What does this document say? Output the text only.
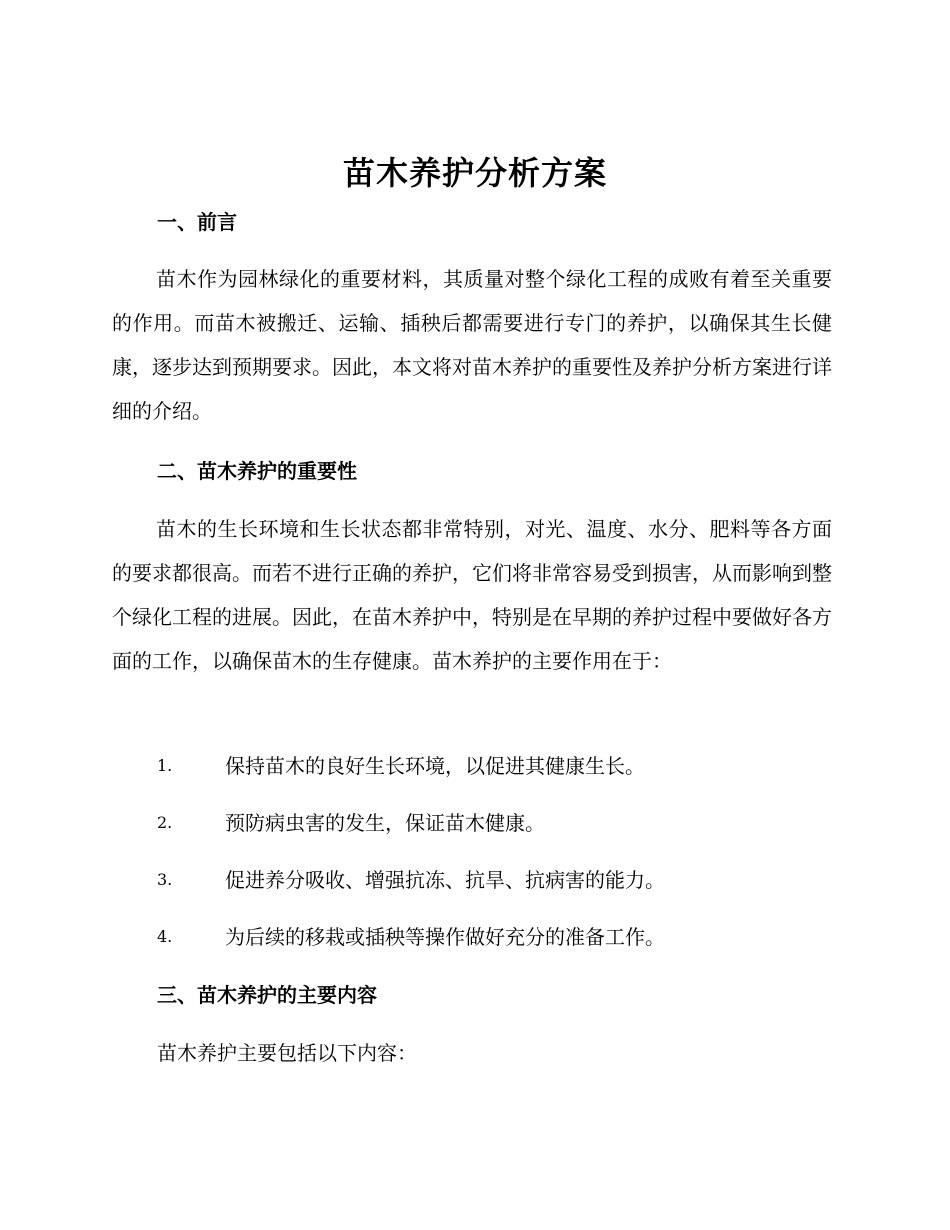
苗木养护分析方案
一、前言
苗木作为园林绿化的重要材料，其质量对整个绿化工程的成败有着至关重要的作用。而苗木被搬迁、运输、插秧后都需要进行专门的养护，以确保其生长健康，逐步达到预期要求。因此，本文将对苗木养护的重要性及养护分析方案进行详细的介绍。
二、苗木养护的重要性
苗木的生长环境和生长状态都非常特别，对光、温度、水分、肥料等各方面的要求都很高。而若不进行正确的养护，它们将非常容易受到损害，从而影响到整个绿化工程的进展。因此，在苗木养护中，特别是在早期的养护过程中要做好各方面的工作，以确保苗木的生存健康。苗木养护的主要作用在于：
1.	保持苗木的良好生长环境，以促进其健康生长。
2.	预防病虫害的发生，保证苗木健康。
3.	促进养分吸收、增强抗冻、抗旱、抗病害的能力。
4.	为后续的移栽或插秧等操作做好充分的准备工作。
三、苗木养护的主要内容
苗木养护主要包括以下内容：
